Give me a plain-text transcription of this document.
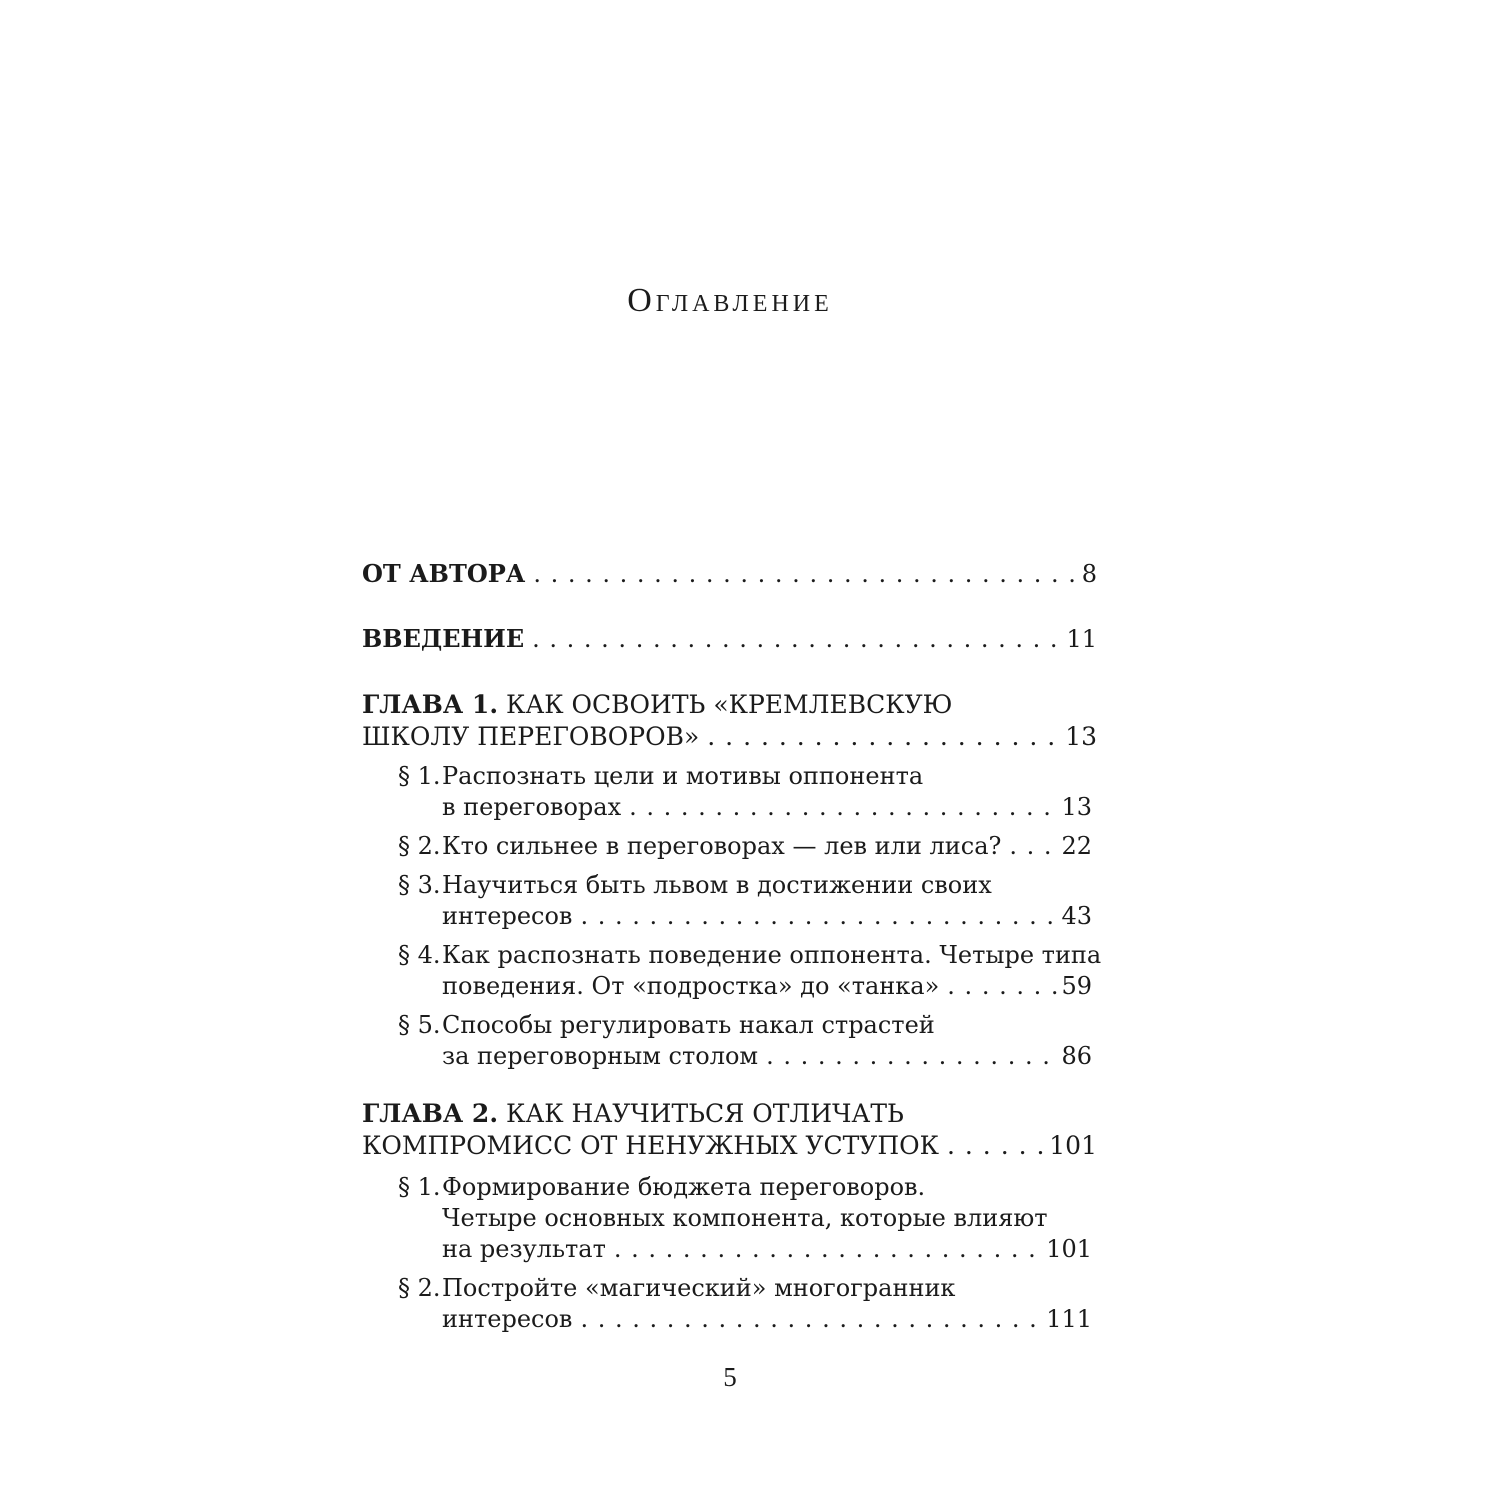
Оглавление
ОТ АВТОРА . . .	8
ВВЕДЕНИЕ . . .	11
ГЛАВА 1.
КАК ОСВОИТЬ «КРЕМЛЕВСКУЮ
ШКОЛУ ПЕРЕГОВОРОВ» . . .	13
§ 1. Распознать цели и мотивы оппонента
в переговорах . . .	13
§ 2. Кто сильнее в переговорах — лев или лиса? . . .	22
§ 3. Научиться быть львом в достижении своих
интересов . . .	43
§ 4. Как распознать поведение оппонента. Четыре типа
поведения. От «подростка» до «танка» . . .	59
§ 5. Способы регулировать накал страстей
за переговорным столом . . .	86
ГЛАВА 2.
КАК НАУЧИТЬСЯ ОТЛИЧАТЬ
КОМПРОМИСС ОТ НЕНУЖНЫХ УСТУПОК . . .	101
§ 1. Формирование бюджета переговоров.
Четыре основных компонента, которые влияют
на результат . . .	101
§ 2. Постройте «магический» многогранник
интересов . . .	111
5
